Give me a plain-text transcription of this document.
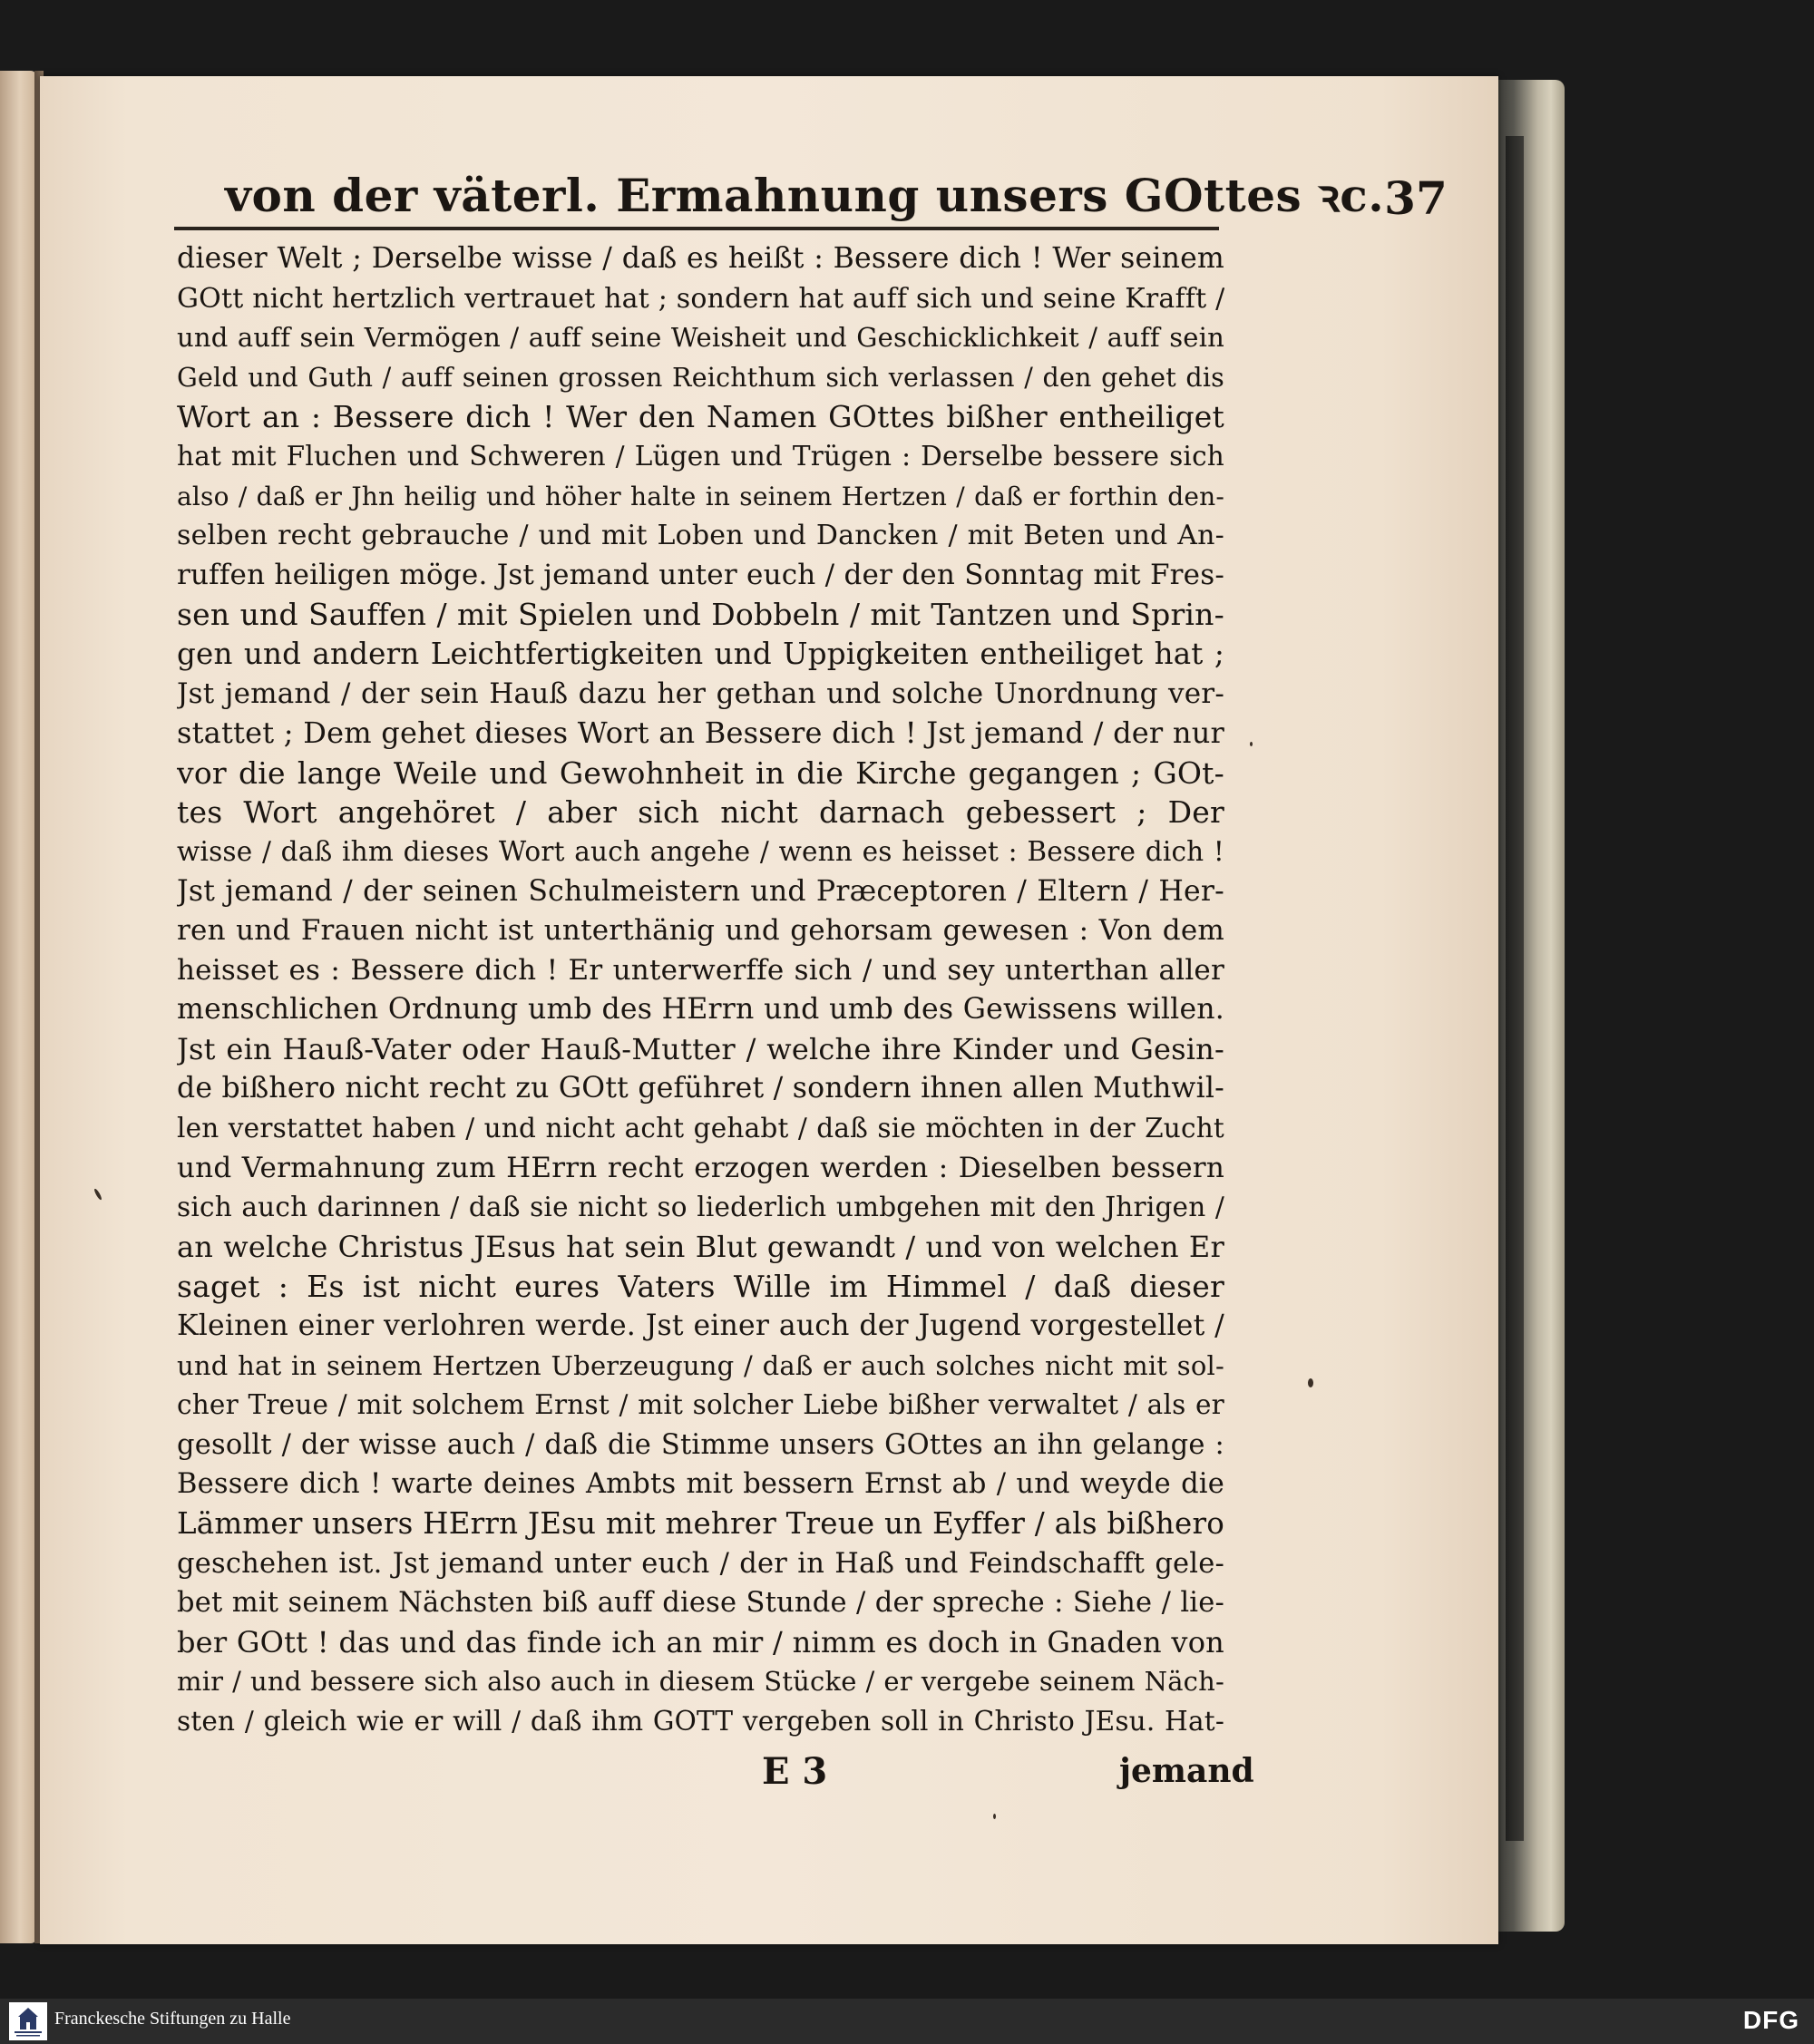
von der väterl. Ermahnung unsers GOttes ꝛc. 37
dieser Welt ; Derselbe wisse / daß es heißt : Bessere dich ! Wer seinem
GOtt nicht hertzlich vertrauet hat ; sondern hat auff sich und seine Krafft /
und auff sein Vermögen / auff seine Weisheit und Geschicklichkeit / auff sein
Geld und Guth / auff seinen grossen Reichthum sich verlassen / den gehet dis
Wort an : Bessere dich ! Wer den Namen GOttes bißher entheiliget
hat mit Fluchen und Schweren / Lügen und Trügen : Derselbe bessere sich
also / daß er Jhn heilig und höher halte in seinem Hertzen / daß er forthin den-
selben recht gebrauche / und mit Loben und Dancken / mit Beten und An-
ruffen heiligen möge. Jst jemand unter euch / der den Sonntag mit Fres-
sen und Sauffen / mit Spielen und Dobbeln / mit Tantzen und Sprin-
gen und andern Leichtfertigkeiten und Uppigkeiten entheiliget hat ;
Jst jemand / der sein Hauß dazu her gethan und solche Unordnung ver-
stattet ; Dem gehet dieses Wort an Bessere dich ! Jst jemand / der nur
vor die lange Weile und Gewohnheit in die Kirche gegangen ; GOt-
tes Wort angehöret / aber sich nicht darnach gebessert ; Der
wisse / daß ihm dieses Wort auch angehe / wenn es heisset : Bessere dich !
Jst jemand / der seinen Schulmeistern und Præceptoren / Eltern / Her-
ren und Frauen nicht ist unterthänig und gehorsam gewesen : Von dem
heisset es : Bessere dich ! Er unterwerffe sich / und sey unterthan aller
menschlichen Ordnung umb des HErrn und umb des Gewissens willen.
Jst ein Hauß-Vater oder Hauß-Mutter / welche ihre Kinder und Gesin-
de bißhero nicht recht zu GOtt geführet / sondern ihnen allen Muthwil-
len verstattet haben / und nicht acht gehabt / daß sie möchten in der Zucht
und Vermahnung zum HErrn recht erzogen werden : Dieselben bessern
sich auch darinnen / daß sie nicht so liederlich umbgehen mit den Jhrigen /
an welche Christus JEsus hat sein Blut gewandt / und von welchen Er
saget : Es ist nicht eures Vaters Wille im Himmel / daß dieser
Kleinen einer verlohren werde. Jst einer auch der Jugend vorgestellet /
und hat in seinem Hertzen Uberzeugung / daß er auch solches nicht mit sol-
cher Treue / mit solchem Ernst / mit solcher Liebe bißher verwaltet / als er
gesollt / der wisse auch / daß die Stimme unsers GOttes an ihn gelange :
Bessere dich ! warte deines Ambts mit bessern Ernst ab / und weyde die
Lämmer unsers HErrn JEsu mit mehrer Treue un Eyffer / als bißhero
geschehen ist. Jst jemand unter euch / der in Haß und Feindschafft gele-
bet mit seinem Nächsten biß auff diese Stunde / der spreche : Siehe / lie-
ber GOtt ! das und das finde ich an mir / nimm es doch in Gnaden von
mir / und bessere sich also auch in diesem Stücke / er vergebe seinem Näch-
sten / gleich wie er will / daß ihm GOTT vergeben soll in Christo JEsu. Hat-
E 3	jemand
Franckesche Stiftungen zu Halle	DFG
